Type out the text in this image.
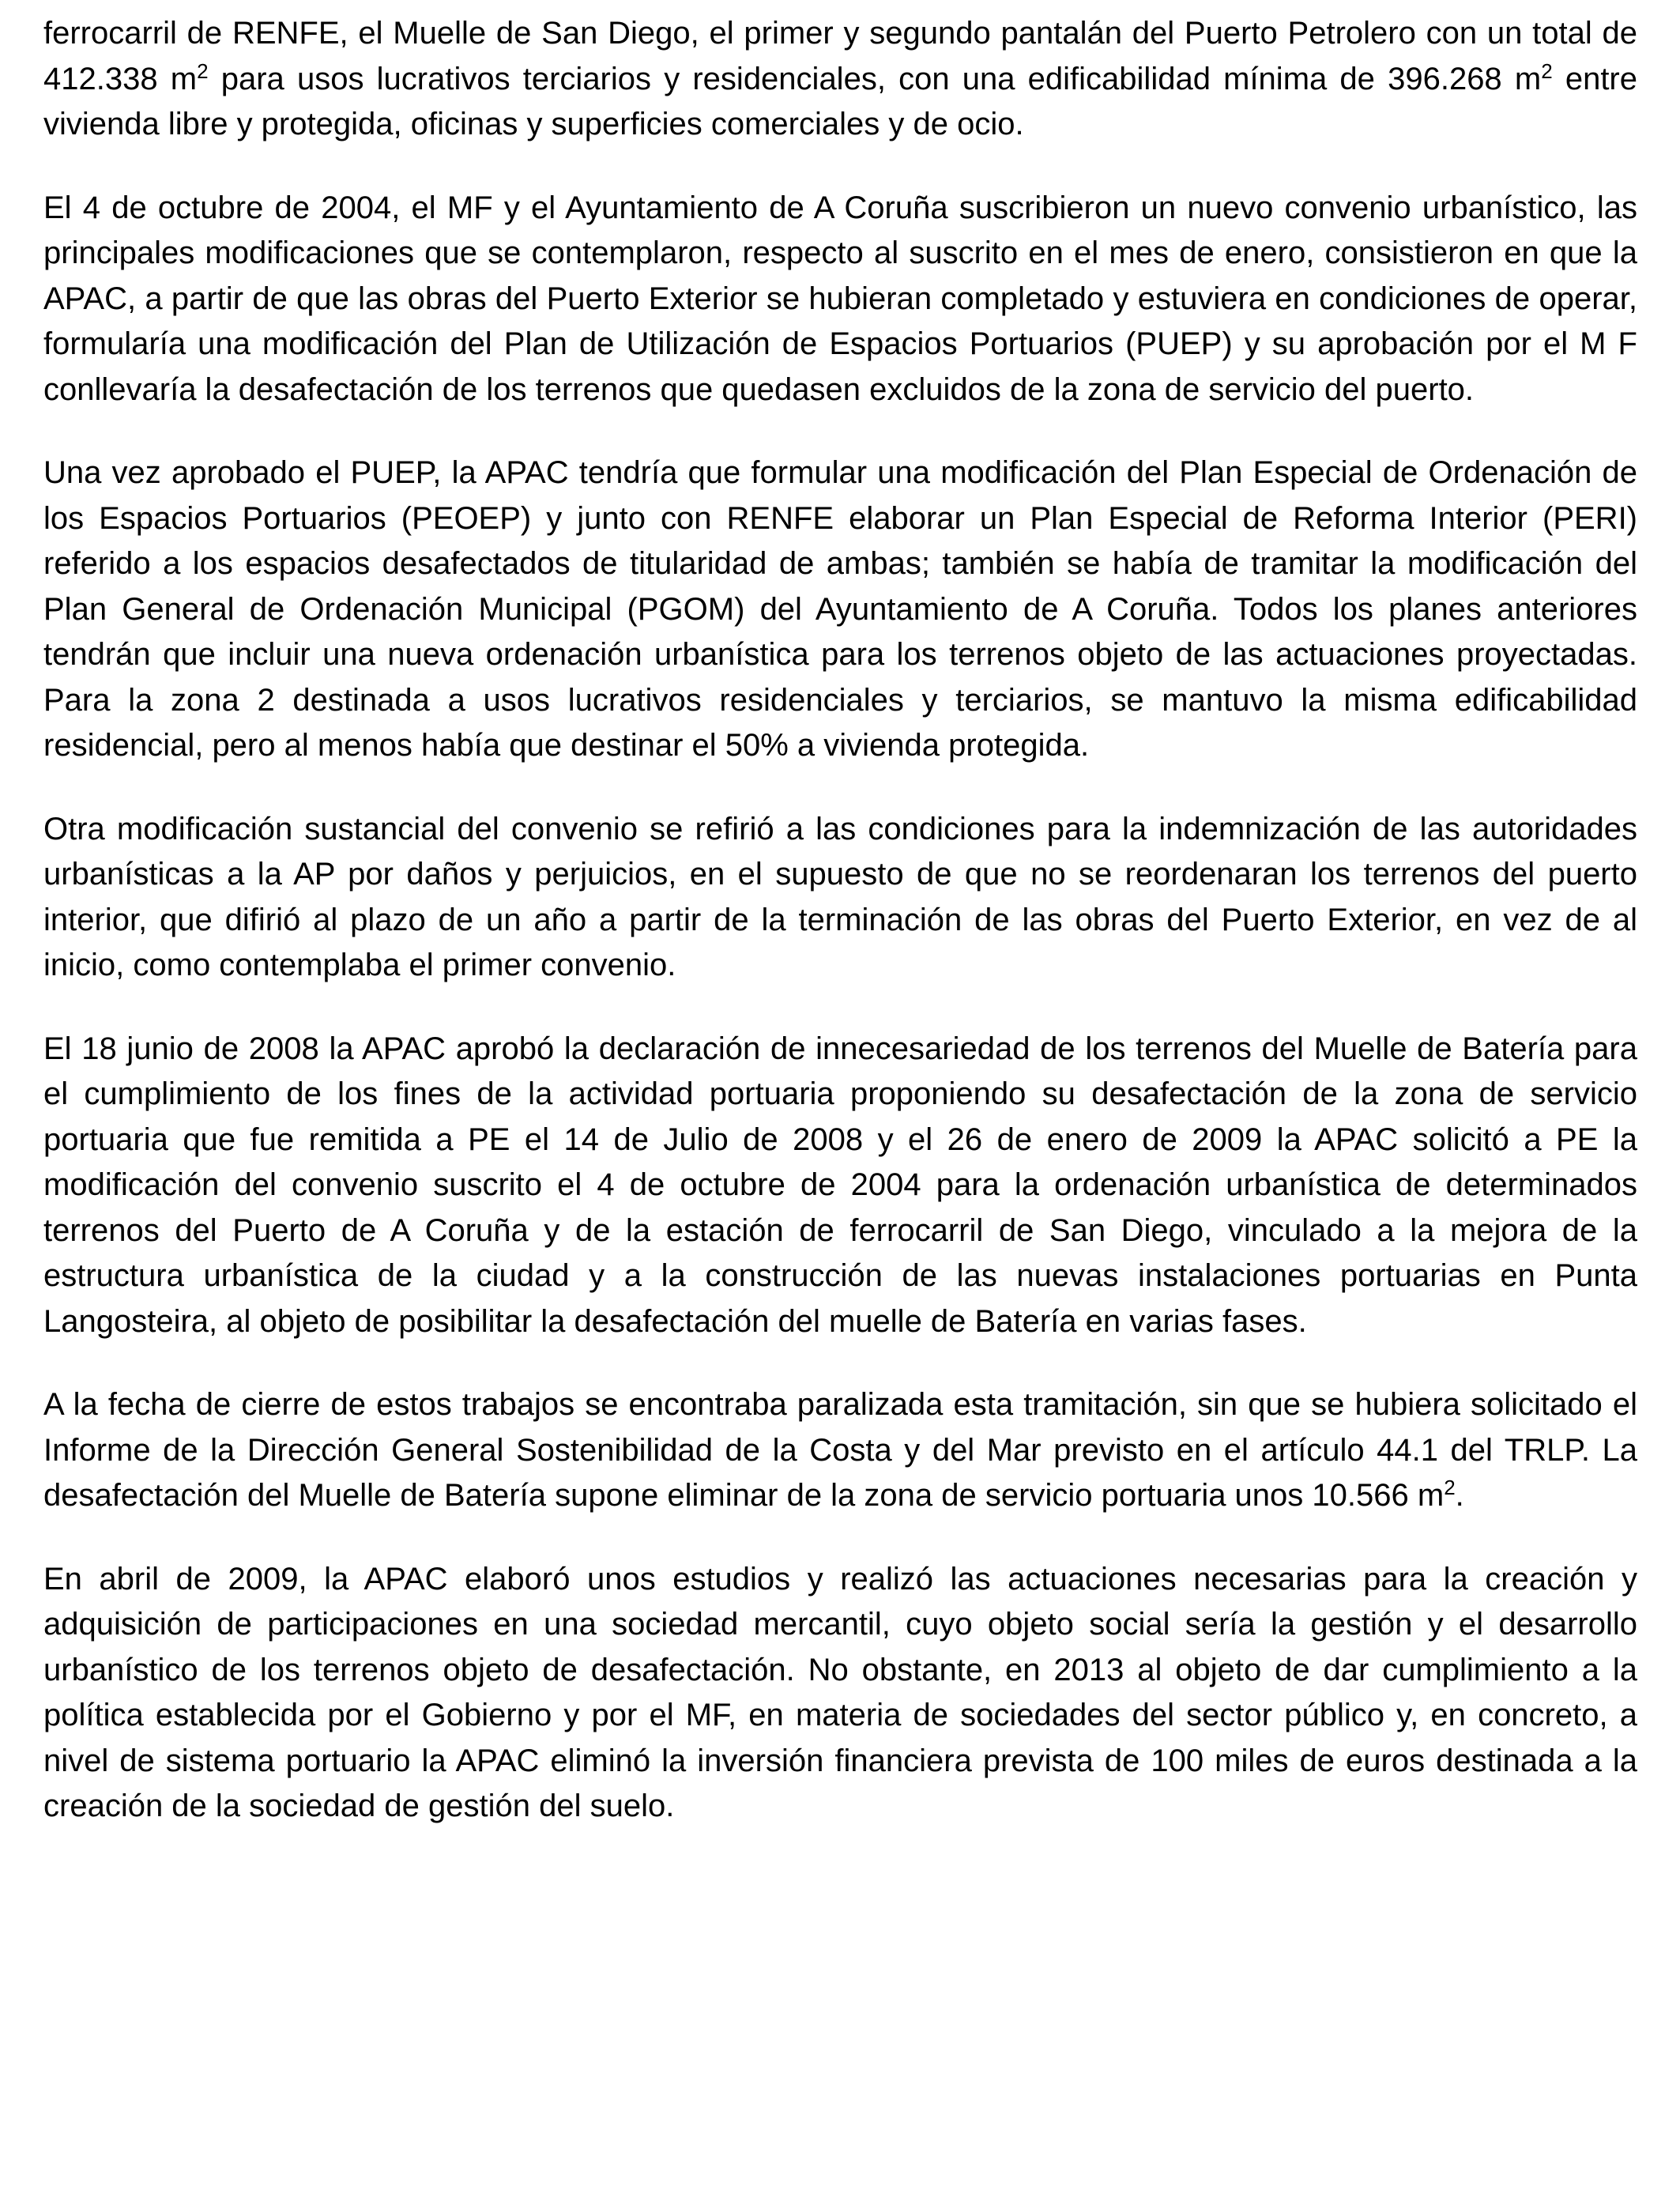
ferrocarril de RENFE, el Muelle de San Diego, el primer y segundo pantalán del Puerto Petrolero con un total de 412.338 $m^2$ para usos lucrativos terciarios y residenciales, con una edificabilidad mínima de 396.268 $m^2$ entre vivienda libre y protegida, oficinas y superficies comerciales y de ocio.

El 4 de octubre de 2004, el MF y el Ayuntamiento de A Coruña suscribieron un nuevo convenio urbanístico, las principales modificaciones que se contemplaron, respecto al suscrito en el mes de enero, consistieron en que la APAC, a partir de que las obras del Puerto Exterior se hubieran completado y estuviera en condiciones de operar, formularía una modificación del Plan de Utilización de Espacios Portuarios (PUEP) y su aprobación por el M F conllevaría la desafectación de los terrenos que quedasen excluidos de la zona de servicio del puerto.

Una vez aprobado el PUEP, la APAC tendría que formular una modificación del Plan Especial de Ordenación de los Espacios Portuarios (PEOEP) y junto con RENFE elaborar un Plan Especial de Reforma Interior (PERI) referido a los espacios desafectados de titularidad de ambas; también se había de tramitar la modificación del Plan General de Ordenación Municipal (PGOM) del Ayuntamiento de A Coruña. Todos los planes anteriores tendrán que incluir una nueva ordenación urbanística para los terrenos objeto de las actuaciones proyectadas. Para la zona 2 destinada a usos lucrativos residenciales y terciarios, se mantuvo la misma edificabilidad residencial, pero al menos había que destinar el 50% a vivienda protegida.

Otra modificación sustancial del convenio se refirió a las condiciones para la indemnización de las autoridades urbanísticas a la AP por daños y perjuicios, en el supuesto de que no se reordenaran los terrenos del puerto interior, que difirió al plazo de un año a partir de la terminación de las obras del Puerto Exterior, en vez de al inicio, como contemplaba el primer convenio.

El 18 junio de 2008 la APAC aprobó la declaración de innecesariedad de los terrenos del Muelle de Batería para el cumplimiento de los fines de la actividad portuaria proponiendo su desafectación de la zona de servicio portuaria que fue remitida a PE el 14 de Julio de 2008 y el 26 de enero de 2009 la APAC solicitó a PE la modificación del convenio suscrito el 4 de octubre de 2004 para la ordenación urbanística de determinados terrenos del Puerto de A Coruña y de la estación de ferrocarril de San Diego, vinculado a la mejora de la estructura urbanística de la ciudad y a la construcción de las nuevas instalaciones portuarias en Punta Langosteira, al objeto de posibilitar la desafectación del muelle de Batería en varias fases.

A la fecha de cierre de estos trabajos se encontraba paralizada esta tramitación, sin que se hubiera solicitado el Informe de la Dirección General Sostenibilidad de la Costa y del Mar previsto en el artículo 44.1 del TRLP. La desafectación del Muelle de Batería supone eliminar de la zona de servicio portuaria unos 10.566 $m^2$.

En abril de 2009, la APAC elaboró unos estudios y realizó las actuaciones necesarias para la creación y adquisición de participaciones en una sociedad mercantil, cuyo objeto social sería la gestión y el desarrollo urbanístico de los terrenos objeto de desafectación. No obstante, en 2013 al objeto de dar cumplimiento a la política establecida por el Gobierno y por el MF, en materia de sociedades del sector público y, en concreto, a nivel de sistema portuario la APAC eliminó la inversión financiera prevista de 100 miles de euros destinada a la creación de la sociedad de gestión del suelo.
